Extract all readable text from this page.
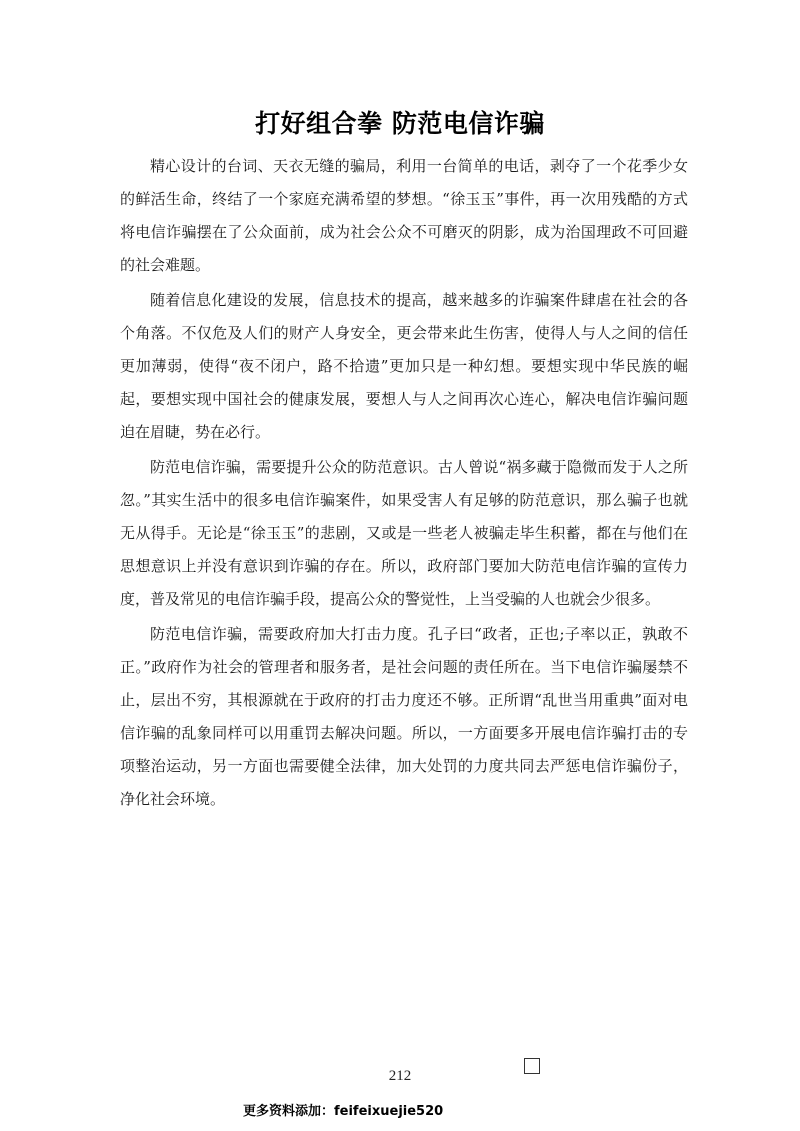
打好组合拳 防范电信诈骗

精心设计的台词、天衣无缝的骗局，利用一台简单的电话，剥夺了一个花季少女的鲜活生命，终结了一个家庭充满希望的梦想。“徐玉玉”事件，再一次用残酷的方式将电信诈骗摆在了公众面前，成为社会公众不可磨灭的阴影，成为治国理政不可回避的社会难题。

随着信息化建设的发展，信息技术的提高，越来越多的诈骗案件肆虐在社会的各个角落。不仅危及人们的财产人身安全，更会带来此生伤害，使得人与人之间的信任更加薄弱，使得“夜不闭户，路不拾遗”更加只是一种幻想。要想实现中华民族的崛起，要想实现中国社会的健康发展，要想人与人之间再次心连心，解决电信诈骗问题迫在眉睫，势在必行。

防范电信诈骗，需要提升公众的防范意识。古人曾说“祸多藏于隐微而发于人之所忽。”其实生活中的很多电信诈骗案件，如果受害人有足够的防范意识，那么骗子也就无从得手。无论是“徐玉玉”的悲剧，又或是一些老人被骗走毕生积蓄，都在与他们在思想意识上并没有意识到诈骗的存在。所以，政府部门要加大防范电信诈骗的宣传力度，普及常见的电信诈骗手段，提高公众的警觉性，上当受骗的人也就会少很多。

防范电信诈骗，需要政府加大打击力度。孔子曰“政者，正也;子率以正，孰敢不正。”政府作为社会的管理者和服务者，是社会问题的责任所在。当下电信诈骗屡禁不止，层出不穷，其根源就在于政府的打击力度还不够。正所谓“乱世当用重典”面对电信诈骗的乱象同样可以用重罚去解决问题。所以，一方面要多开展电信诈骗打击的专项整治运动，另一方面也需要健全法律，加大处罚的力度共同去严惩电信诈骗份子，净化社会环境。

212
更多资料添加：feifeixuejie520
